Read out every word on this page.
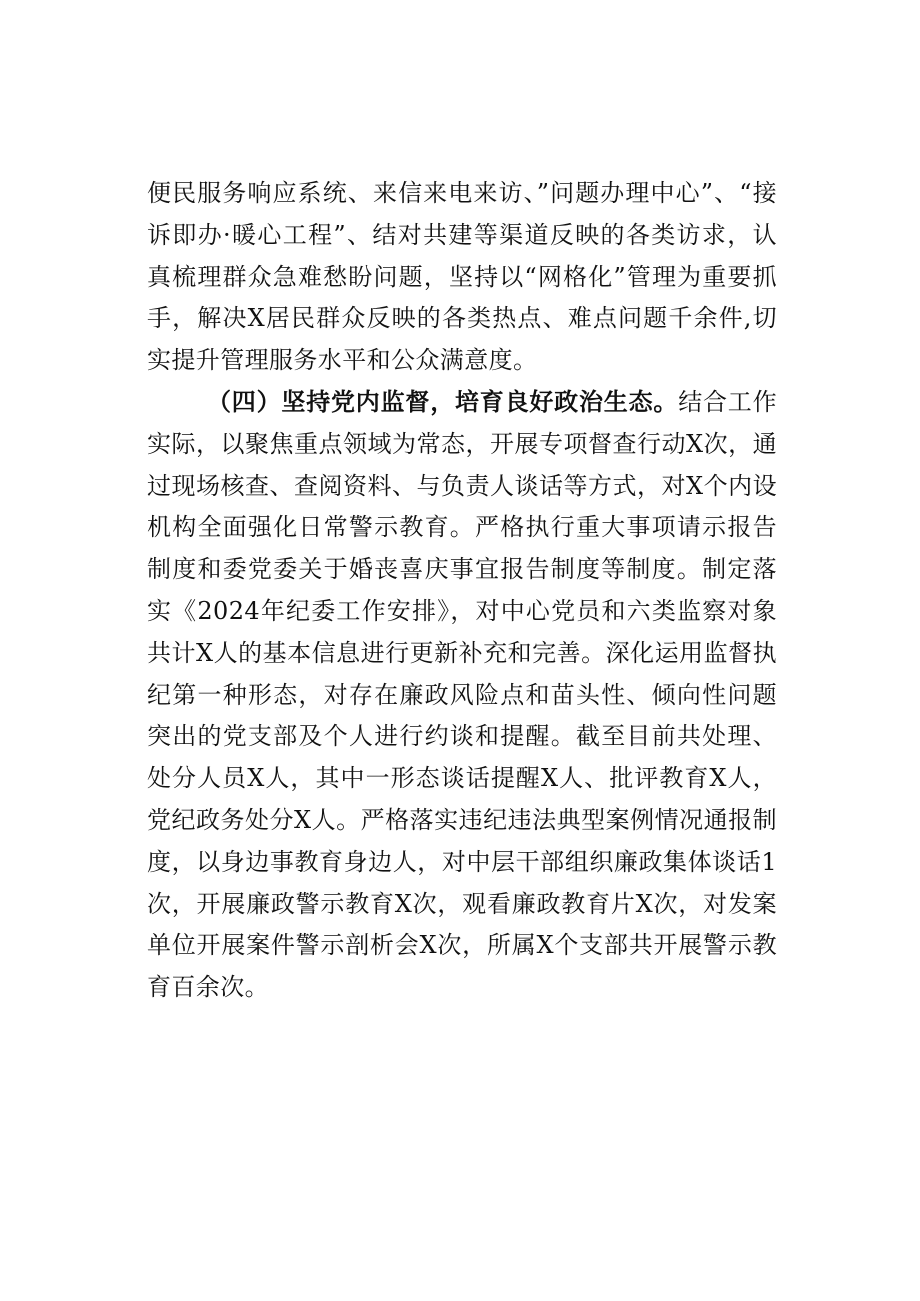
便民服务响应系统、来信来电来访、”问题办理中心”、“接诉即办·暖心工程”、结对共建等渠道反映的各类访求，认真梳理群众急难愁盼问题，坚持以“网格化”管理为重要抓手，解决X居民群众反映的各类热点、难点问题千余件,切实提升管理服务水平和公众满意度。

（四）坚持党内监督，培育良好政治生态。结合工作实际，以聚焦重点领域为常态，开展专项督查行动X次，通过现场核查、查阅资料、与负责人谈话等方式，对X个内设机构全面强化日常警示教育。严格执行重大事项请示报告制度和委党委关于婚丧喜庆事宜报告制度等制度。制定落实《2024年纪委工作安排》，对中心党员和六类监察对象共计X人的基本信息进行更新补充和完善。深化运用监督执纪第一种形态，对存在廉政风险点和苗头性、倾向性问题突出的党支部及个人进行约谈和提醒。截至目前共处理、处分人员X人，其中一形态谈话提醒X人、批评教育X人，党纪政务处分X人。严格落实违纪违法典型案例情况通报制度，以身边事教育身边人，对中层干部组织廉政集体谈话1次，开展廉政警示教育X次，观看廉政教育片X次，对发案单位开展案件警示剖析会X次，所属X个支部共开展警示教育百余次。
